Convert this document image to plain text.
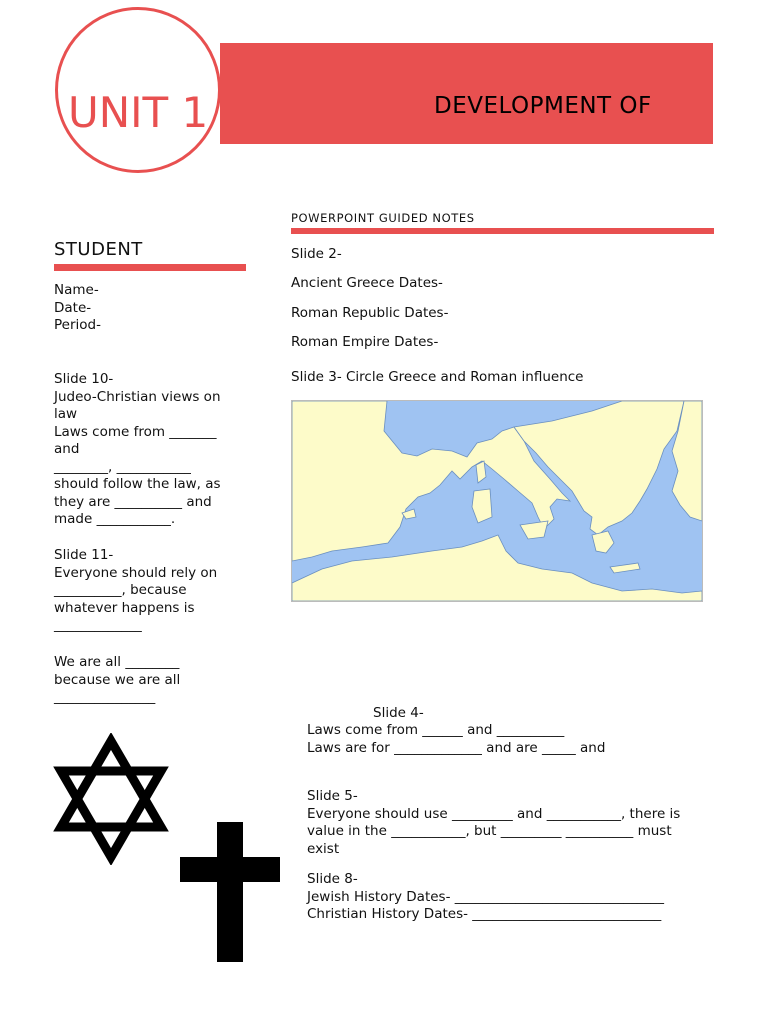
UNIT 1	DEVELOPMENT OF
POWERPOINT GUIDED NOTES
STUDENT
Name-
Date-
Period-
Slide 10-
Judeo-Christian views on
law
Laws come from _______
and
________, ___________
should follow the law, as
they are __________ and
made ___________.
Slide 11-
Everyone should rely on
__________, because
whatever happens is
_____________
We are all ________
because we are all
_______________
Slide 2-
Ancient Greece Dates-
Roman Republic Dates-
Roman Empire Dates-
Slide 3- Circle Greece and Roman influence
Slide 4-
Laws come from ______ and __________
Laws are for _____________ and are _____ and
Slide 5-
Everyone should use _________ and ___________, there is
value in the ___________, but _________ __________ must
exist
Slide 8-
Jewish History Dates- _______________________________
Christian History Dates- ____________________________
